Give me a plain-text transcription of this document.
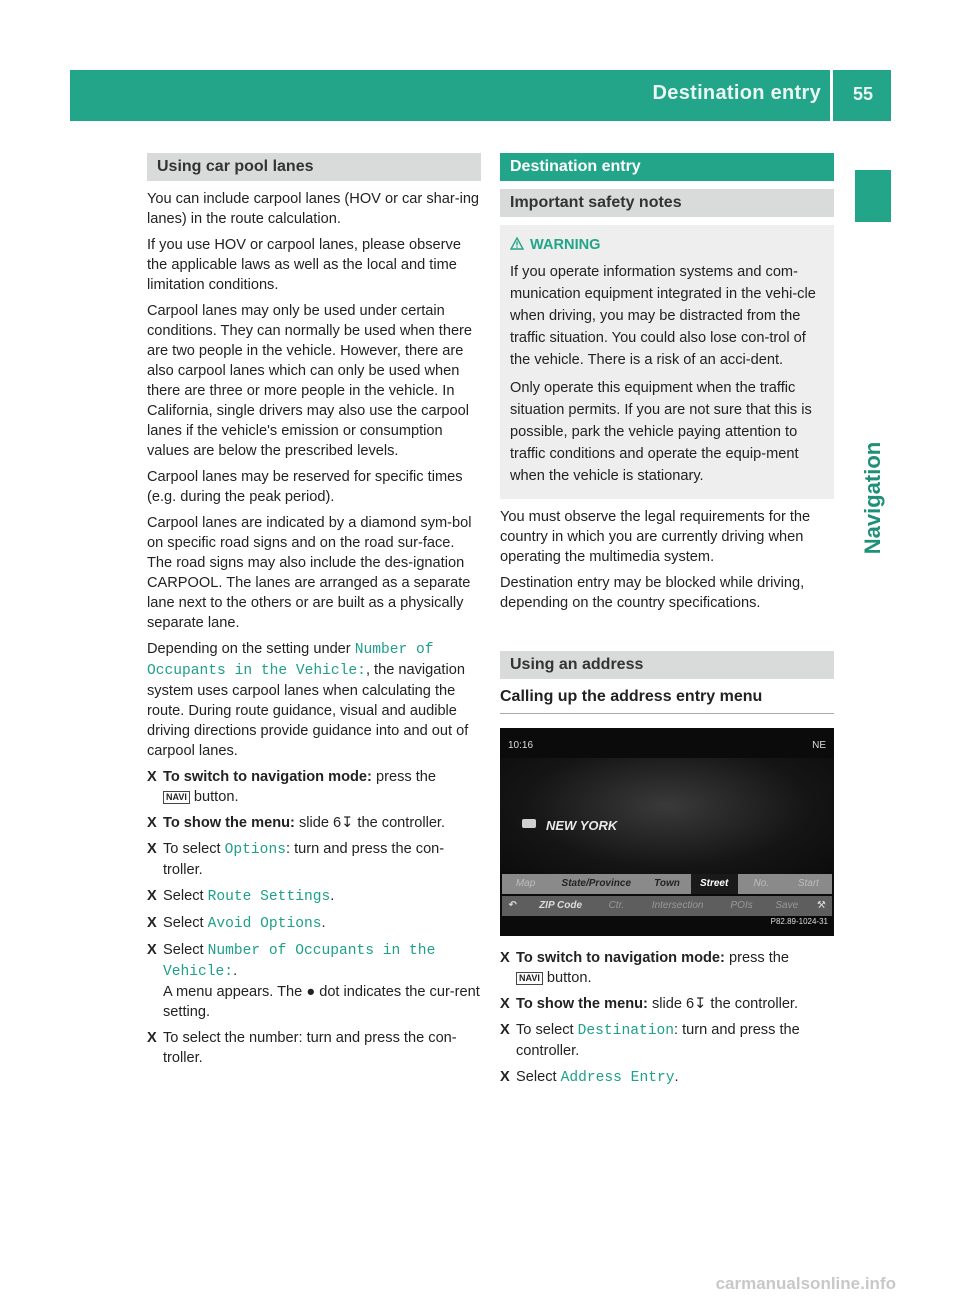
Destination entry 55
Navigation
Using car pool lanes

You can include carpool lanes (HOV or car shar-ing lanes) in the route calculation.

If you use HOV or carpool lanes, please observe the applicable laws as well as the local and time limitation conditions.

Carpool lanes may only be used under certain conditions. They can normally be used when there are two people in the vehicle. However, there are also carpool lanes which can only be used when there are three or more people in the vehicle. In California, single drivers may also use the carpool lanes if the vehicle's emission or consumption values are below the prescribed levels.

Carpool lanes may be reserved for specific times (e.g. during the peak period).

Carpool lanes are indicated by a diamond sym-bol on specific road signs and on the road sur-face. The road signs may also include the des-ignation CARPOOL. The lanes are arranged as a separate lane next to the others or are built as a physically separate lane.

Depending on the setting under Number of Occupants in the Vehicle:, the navigation system uses carpool lanes when calculating the route. During route guidance, visual and audible driving directions provide guidance into and out of carpool lanes.

X To switch to navigation mode: press the
NAVI button.
X To show the menu: slide 6↧ the controller.
X To select Options: turn and press the con-troller.
X Select Route Settings.
X Select Avoid Options.
X Select Number of Occupants in the Vehicle:.
A menu appears. The ● dot indicates the cur-rent setting.
X To select the number: turn and press the con-troller.
Destination entry
Important safety notes
WARNING

If you operate information systems and com-munication equipment integrated in the vehi-cle when driving, you may be distracted from the traffic situation. You could also lose con-trol of the vehicle. There is a risk of an acci-dent.

Only operate this equipment when the traffic situation permits. If you are not sure that this is possible, park the vehicle paying attention to traffic conditions and operate the equip-ment when the vehicle is stationary.

You must observe the legal requirements for the country in which you are currently driving when operating the multimedia system.

Destination entry may be blocked while driving, depending on the country specifications.

Using an address
Calling up the address entry menu
10:16	NE
NEW YORK
Map	State/Province	Town	Street	No.	Start
↶	ZIP Code	Ctr.	Intersection	POIs	Save	⚒
P82.89-1024-31
X To switch to navigation mode: press the
NAVI button.
X To show the menu: slide 6↧ the controller.
X To select Destination: turn and press the controller.
X Select Address Entry.
carmanualsonline.info
